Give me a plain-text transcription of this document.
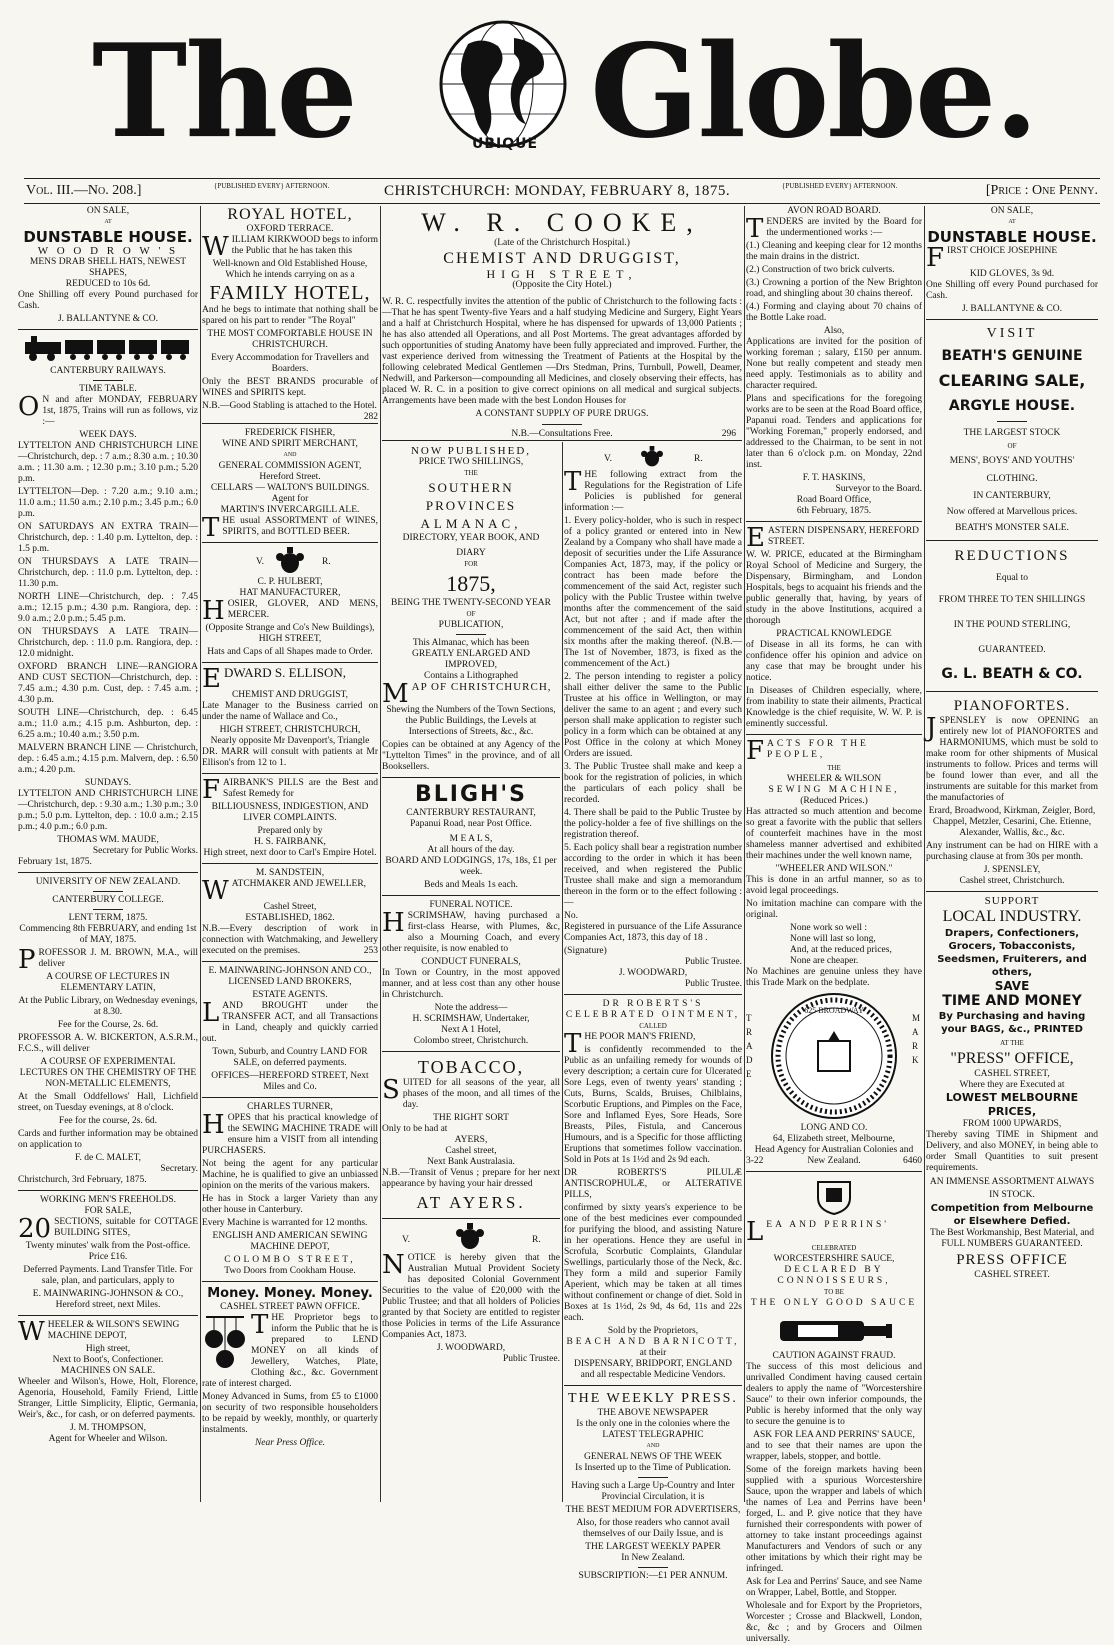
The	UBIQUE Globe.
Vol. III.—No. 208.]	{PUBLISHED EVERY} AFTERNOON.	CHRISTCHURCH: MONDAY, FEBRUARY 8, 1875.	{PUBLISHED EVERY} AFTERNOON.	[Price : One Penny.
ON SALE,
AT
DUNSTABLE HOUSE.
W O O D R O W ' S
MENS DRAB SHELL HATS, NEWEST SHAPES,
REDUCED to 10s 6d.

One Shilling off every Pound purchased for Cash.

J. BALLANTYNE & CO.
CANTERBURY RAILWAYS.
TIME TABLE.

O N and after MONDAY, FEBRUARY 1st, 1875, Trains will run as follows, viz :—

WEEK DAYS.

LYTTELTON AND CHRISTCHURCH LINE—Christchurch, dep. : 7 a.m.; 8.30 a.m. ; 10.30 a.m. ; 11.30 a.m. ; 12.30 p.m.; 3.10 p.m.; 5.20 p.m.

LYTTELTON—Dep. : 7.20 a.m.; 9.10 a.m.; 11.0 a.m.; 11.50 a.m.; 2.10 p.m.; 3.45 p.m.; 6.0 p.m.

ON SATURDAYS AN EXTRA TRAIN—Christchurch, dep. : 1.40 p.m. Lyttelton, dep. : 1.5 p.m.

ON THURSDAYS A LATE TRAIN—Christchurch, dep. : 11.0 p.m. Lyttelton, dep. : 11.30 p.m.

NORTH LINE—Christchurch, dep. : 7.45 a.m.; 12.15 p.m.; 4.30 p.m. Rangiora, dep. : 9.0 a.m.; 2.0 p.m.; 5.45 p.m.

ON THURSDAYS A LATE TRAIN—Christchurch, dep. : 11.0 p.m. Rangiora, dep. : 12.0 midnight.

OXFORD BRANCH LINE—RANGIORA AND CUST SECTION—Christchurch, dep. : 7.45 a.m.; 4.30 p.m. Cust, dep. : 7.45 a.m. ; 4.30 p.m.

SOUTH LINE—Christchurch, dep. : 6.45 a.m.; 11.0 a.m.; 4.15 p.m. Ashburton, dep. : 6.25 a.m.; 10.40 a.m.; 3.50 p.m.

MALVERN BRANCH LINE — Christchurch, dep. : 6.45 a.m.; 4.15 p.m. Malvern, dep. : 6.50 a.m.; 4.20 p.m.

SUNDAYS.

LYTTELTON AND CHRISTCHURCH LINE—Christchurch, dep. : 9.30 a.m.; 1.30 p.m.; 3.0 p.m.; 5.0 p.m. Lyttelton, dep. : 10.0 a.m.; 2.15 p.m.; 4.0 p.m.; 6.0 p.m.

THOMAS WM. MAUDE,
Secretary for Public Works.
February 1st, 1875.
UNIVERSITY OF NEW ZEALAND.
CANTERBURY COLLEGE.
LENT TERM, 1875.

Commencing 8th FEBRUARY, and ending 1st of MAY, 1875.

PROFESSOR J. M. BROWN, M.A., will deliver

A COURSE OF LECTURES IN ELEMENTARY LATIN,

At the Public Library, on Wednesday evenings, at 8.30.

Fee for the Course, 2s. 6d.

PROFESSOR A. W. BICKERTON, A.S.R.M., F.C.S., will deliver

A COURSE OF EXPERIMENTAL LECTURES ON THE CHEMISTRY OF THE NON-METALLIC ELEMENTS,

At the Small Oddfellows' Hall, Lichfield street, on Tuesday evenings, at 8 o'clock.

Fee for the course, 2s. 6d.

Cards and further information may be obtained on application to

F. de C. MALET,
Secretary.
Christchurch, 3rd February, 1875.
WORKING MEN'S FREEHOLDS.
FOR SALE,

20 SECTIONS, suitable for COTTAGE BUILDING SITES,

Twenty minutes' walk from the Post-office. Price £16.

Deferred Payments. Land Transfer Title. For sale, plan, and particulars, apply to

E. MAINWARING-JOHNSON & CO.,
Hereford street, next Miles.

WHEELER & WILSON'S SEWING MACHINE DEPOT,

High street,
Next to Boot's, Confectioner.
MACHINES ON SALE.

Wheeler and Wilson's, Howe, Holt, Florence, Agenoria, Household, Family Friend, Little Stranger, Little Simplicity, Eliptic, Germania, Weir's, &c., for cash, or on deferred payments.

J. M. THOMPSON,
Agent for Wheeler and Wilson.
ROYAL HOTEL,
OXFORD TERRACE.

WILLIAM KIRKWOOD begs to inform the Public that he has taken this

Well-known and Old Established House,
Which he intends carrying on as a
FAMILY HOTEL,

And he begs to intimate that nothing shall be spared on his part to render "The Royal"

THE MOST COMFORTABLE HOUSE IN CHRISTCHURCH.

Every Accommodation for Travellers and Boarders.

Only the BEST BRANDS procurable of WINES and SPIRITS kept.

N.B.—Good Stabling is attached to the Hotel.
282

FREDERICK FISHER,
WINE AND SPIRIT MERCHANT,
AND
GENERAL COMMISSION AGENT,
Hereford Street.
CELLARS — WALTON'S BUILDINGS.
Agent for
MARTIN'S INVERCARGILL ALE.

THE usual ASSORTMENT of WINES, SPIRITS, and BOTTLED BEER.

V.	R.
C. P. HULBERT,
HAT MANUFACTURER,

HOSIER, GLOVER, AND MENS, MERCER.

(Opposite Strange and Co's New Buildings), HIGH STREET,

Hats and Caps of all Shapes made to Order.

EDWARD S. ELLISON,

CHEMIST AND DRUGGIST,

Late Manager to the Business carried on under the name of Wallace and Co.,

HIGH STREET, CHRISTCHURCH,
Nearly opposite Mr Davenport's, Triangle

DR. MARR will consult with patients at Mr Ellison's from 12 to 1.

FAIRBANK'S PILLS are the Best and Safest Remedy for

BILLIOUSNESS, INDIGESTION, AND LIVER COMPLAINTS.

Prepared only by
H. S. FAIRBANK,
High street, next door to Carl's Empire Hotel.
M. SANDSTEIN,

WATCHMAKER AND JEWELLER,

Cashel Street,
ESTABLISHED, 1862.

N.B.—Every description of work in connection with Watchmaking, and Jewellery executed on the premises.	253

E. MAINWARING-JOHNSON AND CO., LICENSED LAND BROKERS,

ESTATE AGENTS.

LAND BROUGHT under the TRANSFER ACT, and all Transactions in Land, cheaply and quickly carried out.

Town, Suburb, and Country LAND FOR SALE, on deferred payments.

OFFICES—HEREFORD STREET, Next Miles and Co.

CHARLES TURNER,

HOPES that his practical knowledge of the SEWING MACHINE TRADE will ensure him a VISIT from all intending PURCHASERS.

Not being the agent for any particular Machine, he is qualified to give an unbiassed opinion on the merits of the various makers.

He has in Stock a larger Variety than any other house in Canterbury.

Every Machine is warranted for 12 months.

ENGLISH AND AMERICAN SEWING MACHINE DEPOT,

COLOMBO STREET,
Two Doors from Cookham House.
Money. Money. Money.
CASHEL STREET PAWN OFFICE.

THE Proprietor begs to inform the Public that he is prepared to LEND MONEY on all kinds of Jewellery, Watches, Plate, Clothing &c., &c. Government rate of interest charged.

Money Advanced in Sums, from £5 to £1000 on security of two responsible householders to be repaid by weekly, monthly, or quarterly instalments.

Near Press Office.
W. R. COOKE,
(Late of the Christchurch Hospital.)
CHEMIST AND DRUGGIST,
HIGH STREET,
(Opposite the City Hotel.)

W. R. C. respectfully invites the attention of the public of Christchurch to the following facts :—That he has spent Twenty-five Years and a half studying Medicine and Surgery, Eight Years and a half at Christchurch Hospital, where he has dispensed for upwards of 13,000 Patients ; he has also attended all Operations, and all Post Mortems. The great advantages afforded by such opportunities of studing Anatomy have been fully appreciated and improved. Further, the vast experience derived from witnessing the Treatment of Patients at the Hospital by the following celebrated Medical Gentlemen —Drs Stedman, Prins, Turnbull, Powell, Deamer, Nedwill, and Parkerson—compounding all Medicines, and closely observing their effects, has placed W. R. C. in a position to give correct opinions on all medical and surgical subjects. Arrangements have been made with the best London Houses for

A CONSTANT SUPPLY OF PURE DRUGS.
N.B.—Consultations Free.	296
NOW PUBLISHED,
PRICE TWO SHILLINGS,
THE
SOUTHERN PROVINCES
ALMANAC,
DIRECTORY, YEAR BOOK, AND
DIARY
FOR
1875,
BEING THE TWENTY-SECOND YEAR
OF
PUBLICATION,
This Almanac, which has been
GREATLY ENLARGED AND
IMPROVED,
Contains a Lithographed

MAP OF CHRISTCHURCH,

Shewing the Numbers of the Town Sections, the Public Buildings, the Levels at Intersections of Streets, &c., &c.

Copies can be obtained at any Agency of the "Lyttelton Times" in the province, and of all Booksellers.

BLIGH'S
CANTERBURY RESTAURANT,
Papanui Road, near Post Office.
M E A L S,
At all hours of the day.

BOARD AND LODGINGS, 17s, 18s, £1 per week.

Beds and Meals 1s each.
FUNERAL NOTICE.

HSCRIMSHAW, having purchased a first-class Hearse, with Plumes, &c, also a Mourning Coach, and every other requisite, is now enabled to

CONDUCT FUNERALS,

In Town or Country, in the most appoved manner, and at less cost than any other house in Christchurch.

Note the address—
H. SCRIMSHAW, Undertaker,
Next A 1 Hotel,
Colombo street, Christchurch.
TOBACCO,

SUITED for all seasons of the year, all phases of the moon, and all times of the day.

THE RIGHT SORT
Only to be had at
AYERS,
Cashel street,
Next Bank Australasia.

N.B.—Transit of Venus ; prepare for her next appearance by having your hair dressed

AT AYERS.
V.	R.

NOTICE is hereby given that the Australian Mutual Provident Society has deposited Colonial Government Securities to the value of £20,000 with the Public Trustee; and that all holders of Policies granted by that Society are entitled to register those Policies in terms of the Life Assurance Companies Act, 1873.

J. WOODWARD,
Public Trustee.
V.	R.

THE following extract from the Regulations for the Registration of Life Policies is published for general information :—

1. Every policy-holder, who is such in respect of a policy granted or entered into in New Zealand by a Company who shall have made a deposit of securities under the Life Assurance Companies Act, 1873, may, if the policy or contract has been made before the commencement of the said Act, register such policy with the Public Trustee within twelve months after the commencement of the said Act, but not after ; and if made after the commencement of the said Act, then within six months after the making thereof. (N.B.—The 1st of November, 1873, is fixed as the commencement of the Act.)

2. The person intending to register a policy shall either deliver the same to the Public Trustee at his office in Wellington, or may deliver the same to an agent ; and every such person shall make application to register such policy in a form which can be obtained at any Post Office in the colony at which Money Orders are issued.

3. The Public Trustee shall make and keep a book for the registration of policies, in which the particulars of each policy shall be recorded.

4. There shall be paid to the Public Trustee by the policy-holder a fee of five shillings on the registration thereof.

5. Each policy shall bear a registration number according to the order in which it has been received, and when registered the Public Trustee shall make and sign a memorandum thereon in the form or to the effect following :—

No.

Registered in pursuance of the Life Assurance Companies Act, 1873, this day of 18 .

(Signature)
Public Trustee.
J. WOODWARD,
Public Trustee.
DR ROBERTS'S
CELEBRATED OINTMENT,
CALLED

THE POOR MAN'S FRIEND,

is confidently recommended to the Public as an unfailing remedy for wounds of every description; a certain cure for Ulcerated Sore Legs, even of twenty years' standing ; Cuts, Burns, Scalds, Bruises, Chilblains, Scorbutic Eruptions, and Pimples on the Face, Sore and Inflamed Eyes, Sore Heads, Sore Breasts, Piles, Fistula, and Cancerous Humours, and is a Specific for those afflicting Eruptions that sometimes follow vaccination. Sold in Pots at 1s 1½d and 2s 9d each.

DR ROBERTS'S PILULÆ ANTISCROPHULÆ, or ALTERATIVE PILLS,

confirmed by sixty years's experience to be one of the best medicines ever compounded for purifying the blood, and assisting Nature in her operations. Hence they are useful in Scrofula, Scorbutic Complaints, Glandular Swellings, particularly those of the Neck, &c. They form a mild and superior Family Aperient, which may be taken at all times without confinement or change of diet. Sold in Boxes at 1s 1½d, 2s 9d, 4s 6d, 11s and 22s each.

Sold by the Proprietors,
BEACH AND BARNICOTT,
at their
DISPENSARY, BRIDPORT, ENGLAND
and all respectable Medicine Vendors.
THE WEEKLY PRESS.
THE ABOVE NEWSPAPER
Is the only one in the colonies where the
LATEST TELEGRAPHIC
AND
GENERAL NEWS OF THE WEEK
Is Inserted up to the Time of Publication.

Having such a Large Up-Country and Inter Provincial Circulation, it is

THE BEST MEDIUM FOR ADVERTISERS,

Also, for those readers who cannot avail themselves of our Daily Issue, and is

THE LARGEST WEEKLY PAPER
In New Zealand.
SUBSCRIPTION:—£1 PER ANNUM.
AVON ROAD BOARD.

TENDERS are invited by the Board for the undermentioned works :—

(1.) Cleaning and keeping clear for 12 months the main drains in the district.

(2.) Construction of two brick culverts.

(3.) Crowning a portion of the New Brighton road, and shingling about 30 chains thereof.

(4.) Forming and claying about 70 chains of the Bottle Lake road.

Also,

Applications are invited for the position of working foreman ; salary, £150 per annum. None but really competent and steady men need apply. Testimonials as to ability and character required.

Plans and specifications for the foregoing works are to be seen at the Road Board office, Papanui road. Tenders and applications for "Working Foreman," properly endorsed, and addressed to the Chairman, to be sent in not later than 6 o'clock p.m. on Monday, 22nd inst.

F. T. HASKINS,
Surveyor to the Board.
Road Board Office,
6th February, 1875.

EASTERN DISPENSARY, HEREFORD STREET.

W. W. PRICE, educated at the Birmingham Royal School of Medicine and Surgery, the Dispensary, Birmingham, and London Hospitals, begs to acquaint his friends and the public generally that, having, by years of study in the above Institutions, acquired a thorough

PRACTICAL KNOWLEDGE

of Disease in all its forms, he can with confidence offer his opinion and advice on any case that may be brought under his notice.

In Diseases of Children especially, where, from inability to state their ailments, Practical Knowledge is the chief requisite, W. W. P. is eminently successful.

FACTS FOR THE PEOPLE,

THE
WHEELER & WILSON
SEWING MACHINE,
(Reduced Prices.)

Has attracted so much attention and become so great a favorite with the public that sellers of counterfeit machines have in the most shameless manner advertised and exhibited their machines under the well known name,

"WHEELER AND WILSON."

This is done in an artful manner, so as to avoid legal proceedings.

No imitation machine can compare with the original.

None work so well :
None will last so long,
And, at the reduced prices,
None are cheaper.

No Machines are genuine unless they have this Trade Mark on the bedplate.

TRADE
625 BROADWAY
MARK
LONG AND CO.
64, Elizabeth street, Melbourne,
Head Agency for Australian Colonies and
3-22	New Zealand.	6460

LEA AND PERRINS'

CELEBRATED
WORCESTERSHIRE SAUCE,
DECLARED BY CONNOISSEURS,
TO BE
THE ONLY GOOD SAUCE
CAUTION AGAINST FRAUD.

The success of this most delicious and unrivalled Condiment having caused certain dealers to apply the name of "Worcestershire Sauce" to their own inferior compounds, the Public is hereby informed that the only way to secure the genuine is to

ASK FOR LEA AND PERRINS' SAUCE,

and to see that their names are upon the wrapper, labels, stopper, and bottle.

Some of the foreign markets having been supplied with a spurious Worcestershire Sauce, upon the wrapper and labels of which the names of Lea and Perrins have been forged, L. and P. give notice that they have furnished their correspondents with power of attorney to take instant proceedings against Manufacturers and Vendors of such or any other imitations by which their right may be infringed.

Ask for Lea and Perrins' Sauce, and see Name on Wrapper, Label, Bottle, and Stopper.

Wholesale and for Export by the Proprietors, Worcester ; Crosse and Blackwell, London, &c, &c ; and by Grocers and Oilmen universally.

ON SALE,
AT
DUNSTABLE HOUSE.

FIRST CHOICE JOSEPHINE

KID GLOVES, 3s 9d.

One Shilling off every Pound purchased for Cash.

J. BALLANTYNE & CO.
VISIT
BEATH'S GENUINE
CLEARING SALE,
ARGYLE HOUSE.
THE LARGEST STOCK
OF
MENS', BOYS' AND YOUTHS'
CLOTHING.
IN CANTERBURY,
Now offered at Marvellous prices.
BEATH'S MONSTER SALE.
REDUCTIONS
Equal to
FROM THREE TO TEN SHILLINGS
IN THE POUND STERLING,
GUARANTEED.
G. L. BEATH & CO.
PIANOFORTES.

JSPENSLEY is now OPENING an entirely new lot of PIANOFORTES and HARMONIUMS, which must be sold to make room for other shipments of Musical instruments to follow. Prices and terms will be found lower than ever, and all the instruments are suitable for this market from the manufactories of

Erard, Broadwood, Kirkman, Zeigler, Bord, Chappel, Metzler, Cesarini, Che. Etienne, Alexander, Wallis, &c., &c.

Any instrument can be had on HIRE with a purchasing clause at from 30s per month.

J. SPENSLEY,
Cashel street, Christchurch.
SUPPORT
LOCAL INDUSTRY.

Drapers, Confectioners, Grocers, Tobacconists, Seedsmen, Fruiterers, and others,

SAVE
TIME AND MONEY

By Purchasing and having your BAGS, &c., PRINTED

AT THE
"PRESS" OFFICE,
CASHEL STREET,
Where they are Executed at
LOWEST MELBOURNE PRICES,
FROM 1000 UPWARDS,

Thereby saving TIME in Shipment and Delivery, and also MONEY, in being able to order Small Quantities to suit present requirements.

AN IMMENSE ASSORTMENT ALWAYS IN STOCK.
Competition from Melbourne or Elsewhere Defied.
The Best Workmanship, Best Material, and
FULL NUMBERS GUARANTEED.
PRESS OFFICE
CASHEL STREET.
